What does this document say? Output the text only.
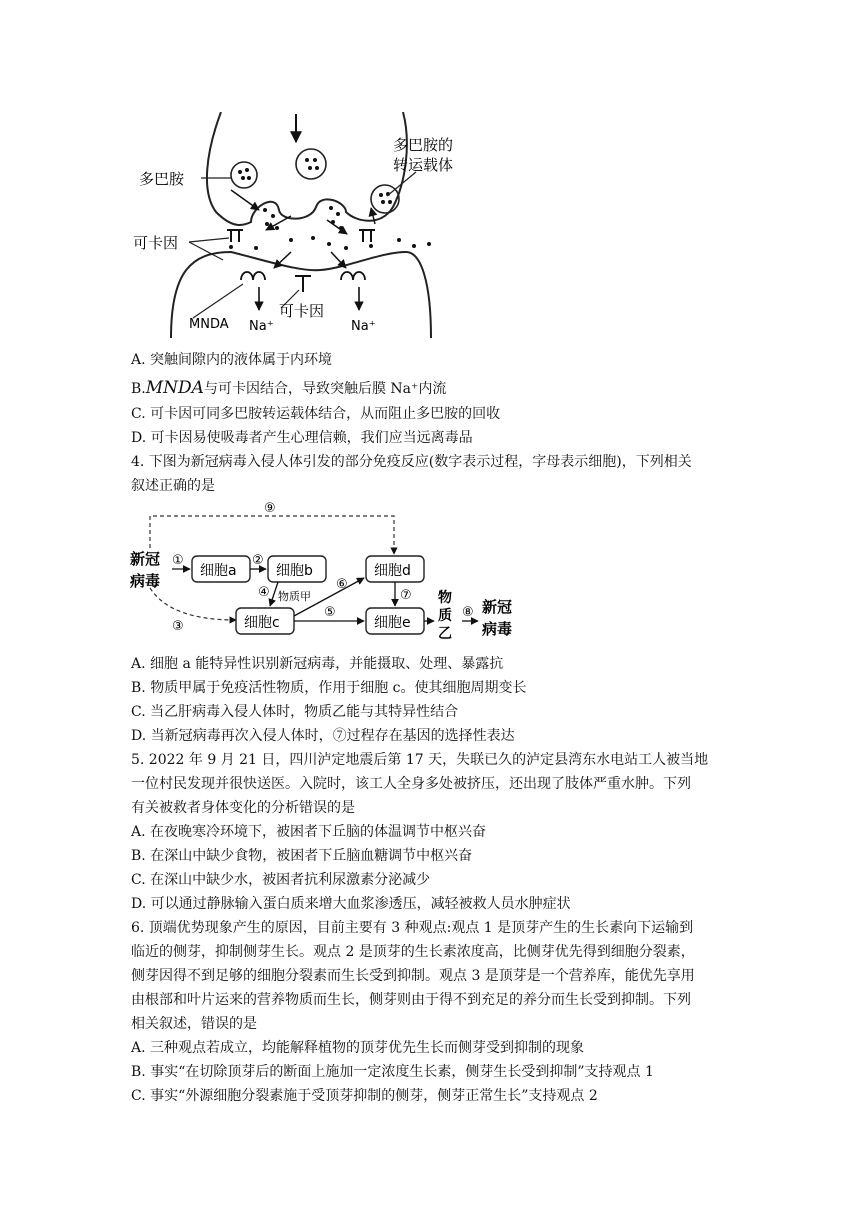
多巴胺
多巴胺的
转运载体
可卡因
可卡因
MNDA Na⁺	Na⁺
A. 突触间隙内的液体属于内环境
B.MNDA与可卡因结合，导致突触后膜 Na⁺内流
C. 可卡因可同多巴胺转运载体结合，从而阻止多巴胺的回收
D. 可卡因易使吸毒者产生心理信赖，我们应当远离毒品
4. 下图为新冠病毒入侵人体引发的部分免疫反应(数字表示过程，字母表示细胞)，下列相关
叙述正确的是
新冠
病毒
细胞a	细胞b	细胞d
细胞c	细胞e
物质甲	物
质
乙
新冠
病毒
①	②
③
④
⑤
⑥
⑦
⑧
⑨
A. 细胞 a 能特异性识别新冠病毒，并能摄取、处理、暴露抗
B. 物质甲属于免疫活性物质，作用于细胞 c。使其细胞周期变长
C. 当乙肝病毒入侵人体时，物质乙能与其特异性结合
D. 当新冠病毒再次入侵人体时，⑦过程存在基因的选择性表达
5. 2022 年 9 月 21 日，四川泸定地震后第 17 天，失联已久的泸定县湾东水电站工人被当地
一位村民发现并很快送医。入院时，该工人全身多处被挤压，还出现了肢体严重水肿。下列
有关被救者身体变化的分析错误的是
A. 在夜晚寒冷环境下，被困者下丘脑的体温调节中枢兴奋
B. 在深山中缺少食物，被困者下丘脑血糖调节中枢兴奋
C. 在深山中缺少水，被困者抗利尿激素分泌减少
D. 可以通过静脉输入蛋白质来增大血浆渗透压，减轻被救人员水肿症状
6. 顶端优势现象产生的原因，目前主要有 3 种观点:观点 1 是顶芽产生的生长素向下运输到
临近的侧芽，抑制侧芽生长。观点 2 是顶芽的生长素浓度高，比侧芽优先得到细胞分裂素，
侧芽因得不到足够的细胞分裂素而生长受到抑制。观点 3 是顶芽是一个营养库，能优先享用
由根部和叶片运来的营养物质而生长，侧芽则由于得不到充足的养分而生长受到抑制。下列
相关叙述，错误的是
A. 三种观点若成立，均能解释植物的顶芽优先生长而侧芽受到抑制的现象
B. 事实“在切除顶芽后的断面上施加一定浓度生长素，侧芽生长受到抑制”支持观点 1
C. 事实“外源细胞分裂素施于受顶芽抑制的侧芽，侧芽正常生长”支持观点 2
